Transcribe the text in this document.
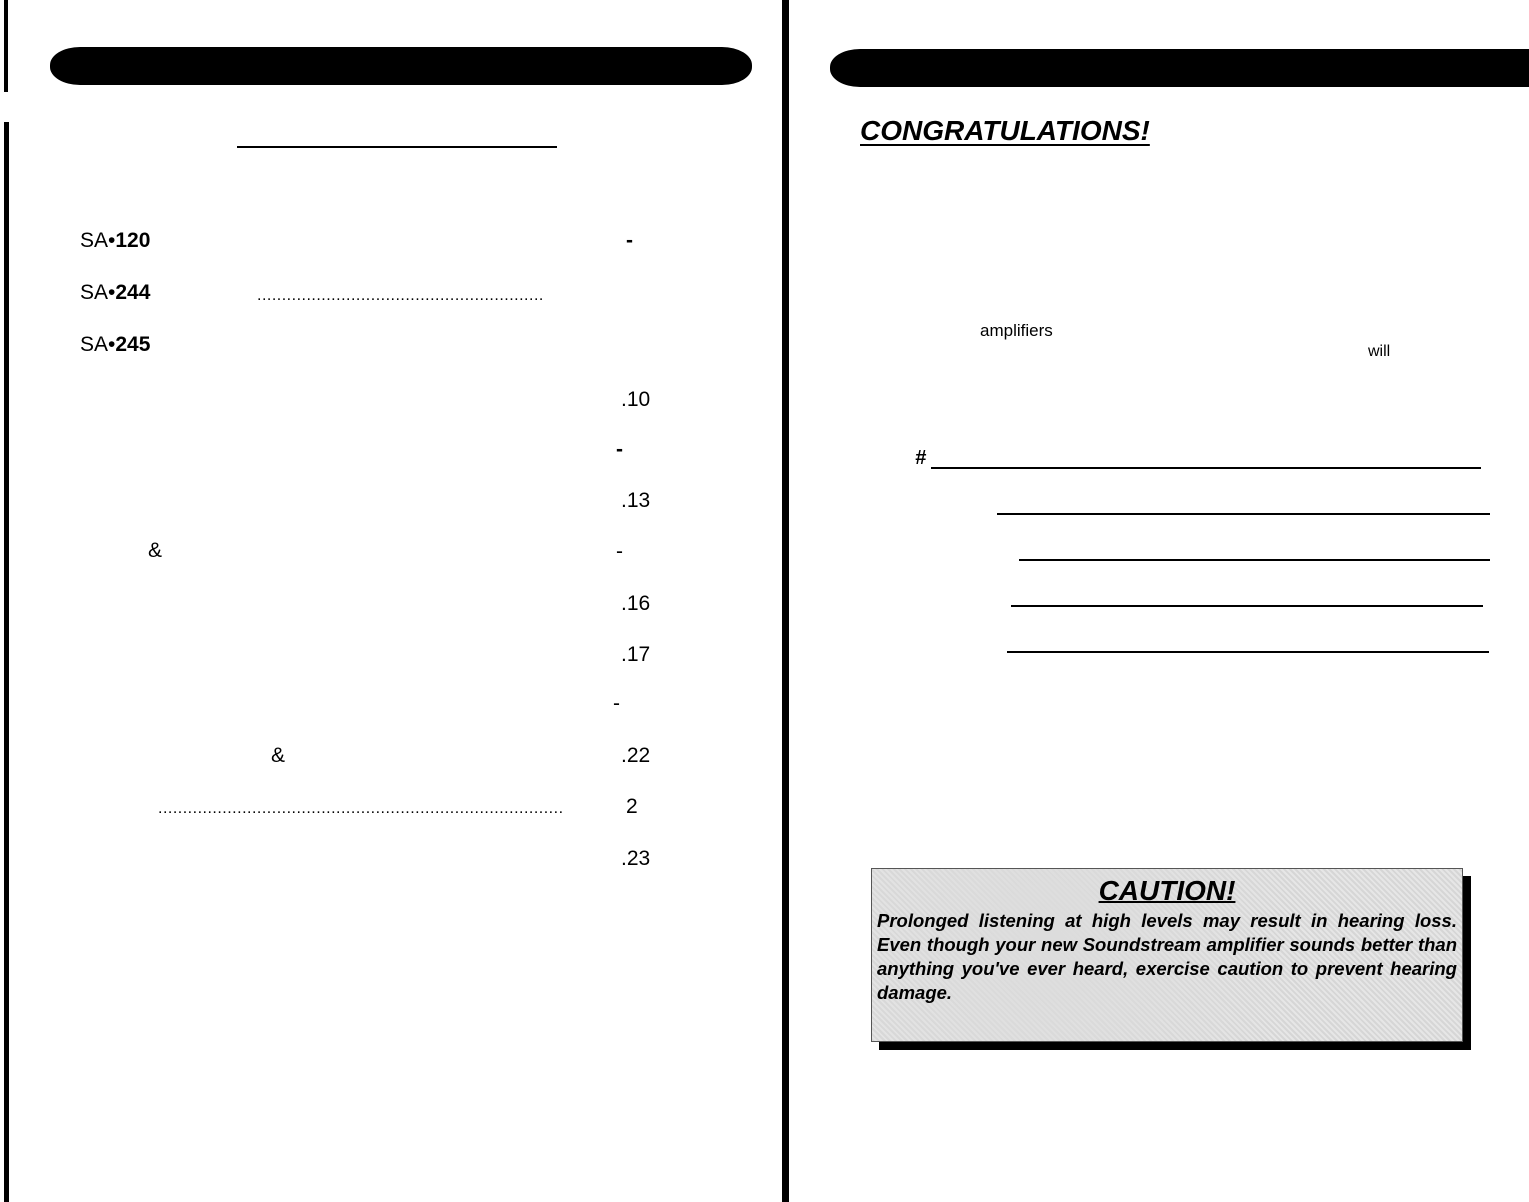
SA•120	-
SA•244	..........................................................
SA•245
.10
-
.13
&	-
.16
.17
-
&	.22
..................................................................................	2
.23
CONGRATULATIONS!
amplifiers
will
#
CAUTION!
Prolonged listening at high levels may result in hearing loss. Even though your new Soundstream amplifier sounds better than anything you've ever heard, exercise caution to prevent hearing damage.
